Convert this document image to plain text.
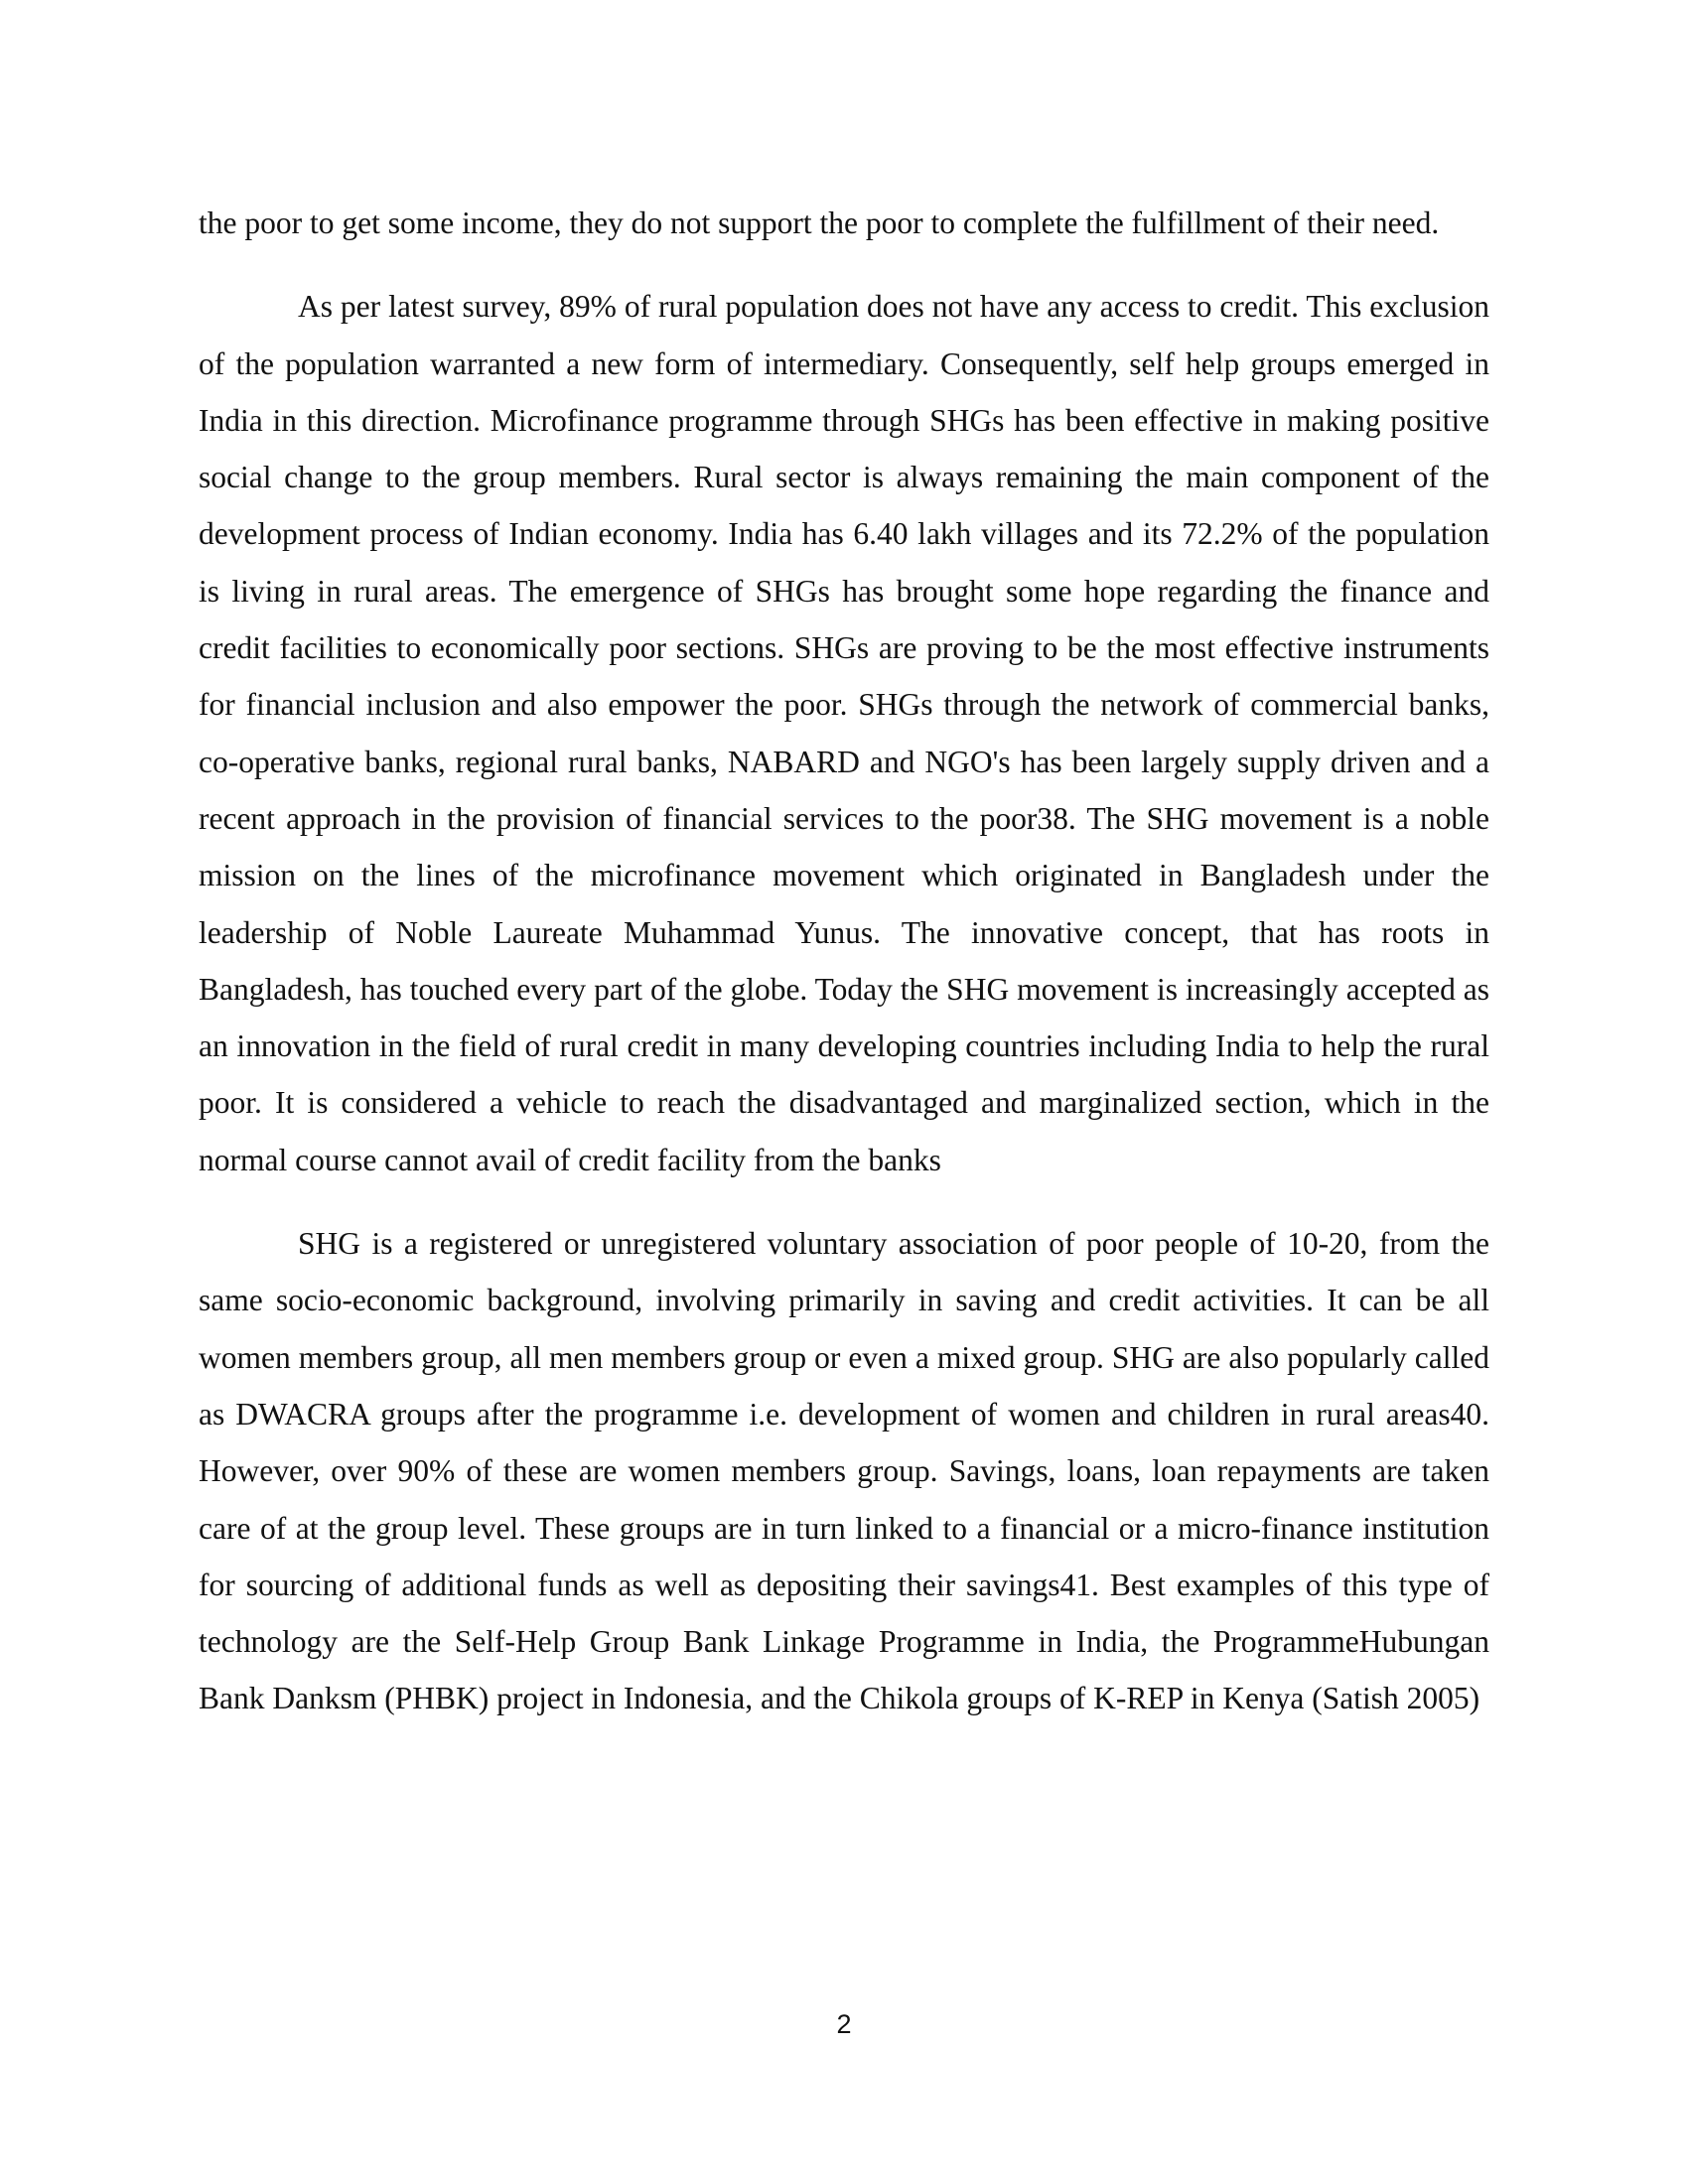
the poor to get some income, they do not support the poor to complete the fulfillment of their need.

As per latest survey, 89% of rural population does not have any access to credit. This exclusion of the population warranted a new form of intermediary. Consequently, self help groups emerged in India in this direction. Microfinance programme through SHGs has been effective in making positive social change to the group members. Rural sector is always remaining the main component of the development process of Indian economy. India has 6.40 lakh villages and its 72.2% of the population is living in rural areas. The emergence of SHGs has brought some hope regarding the finance and credit facilities to economically poor sections. SHGs are proving to be the most effective instruments for financial inclusion and also empower the poor. SHGs through the network of commercial banks, co-operative banks, regional rural banks, NABARD and NGO's has been largely supply driven and a recent approach in the provision of financial services to the poor38. The SHG movement is a noble mission on the lines of the microfinance movement which originated in Bangladesh under the leadership of Noble Laureate Muhammad Yunus. The innovative concept, that has roots in Bangladesh, has touched every part of the globe. Today the SHG movement is increasingly accepted as an innovation in the field of rural credit in many developing countries including India to help the rural poor. It is considered a vehicle to reach the disadvantaged and marginalized section, which in the normal course cannot avail of credit facility from the banks

SHG is a registered or unregistered voluntary association of poor people of 10-20, from the same socio-economic background, involving primarily in saving and credit activities. It can be all women members group, all men members group or even a mixed group. SHG are also popularly called as DWACRA groups after the programme i.e. development of women and children in rural areas40. However, over 90% of these are women members group. Savings, loans, loan repayments are taken care of at the group level. These groups are in turn linked to a financial or a micro-finance institution for sourcing of additional funds as well as depositing their savings41. Best examples of this type of technology are the Self-Help Group Bank Linkage Programme in India, the ProgrammeHubungan Bank Danksm (PHBK) project in Indonesia, and the Chikola groups of K-REP in Kenya (Satish 2005)

2
